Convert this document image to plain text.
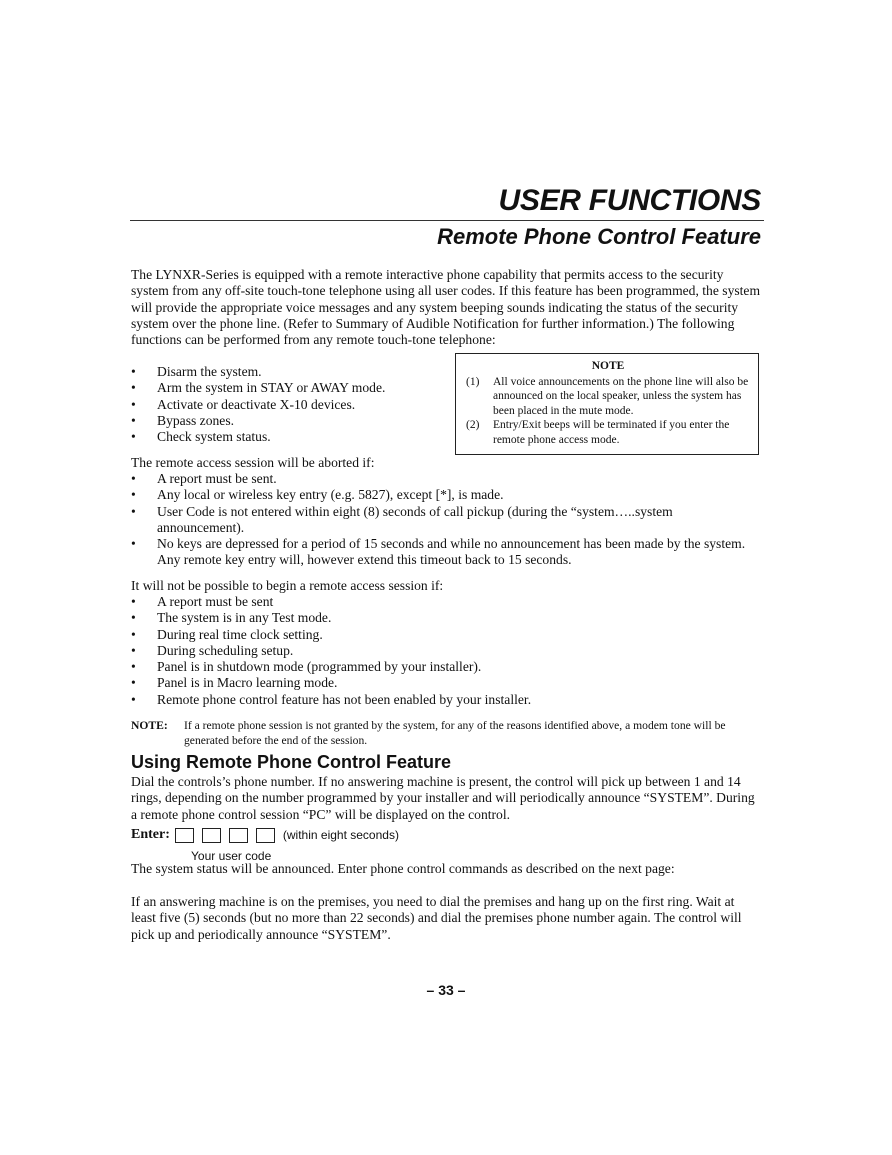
USER FUNCTIONS
Remote Phone Control Feature

The LYNXR-Series is equipped with a remote interactive phone capability that permits access to the security system from any off-site touch-tone telephone using all user codes. If this feature has been programmed, the system will provide the appropriate voice messages and any system beeping sounds indicating the status of the security system over the phone line. (Refer to Summary of Audible Notification for further information.) The following functions can be performed from any remote touch-tone telephone:

• Disarm the system.
• Arm the system in STAY or AWAY mode.
• Activate or deactivate X-10 devices.
• Bypass zones.
• Check system status.
NOTE
(1) All voice announcements on the phone line will also be announced on the local speaker, unless the system has been placed in the mute mode.
(2) Entry/Exit beeps will be terminated if you enter the remote phone access mode.
The remote access session will be aborted if:
• A report must be sent.
• Any local or wireless key entry (e.g. 5827), except [*], is made.
• User Code is not entered within eight (8) seconds of call pickup (during the “system…..system announcement).
• No keys are depressed for a period of 15 seconds and while no announcement has been made by the system. Any remote key entry will, however extend this timeout back to 15 seconds.
It will not be possible to begin a remote access session if:
• A report must be sent
• The system is in any Test mode.
• During real time clock setting.
• During scheduling setup.
• Panel is in shutdown mode (programmed by your installer).
• Panel is in Macro learning mode.
• Remote phone control feature has not been enabled by your installer.
NOTE: If a remote phone session is not granted by the system, for any of the reasons identified above, a modem tone will be generated before the end of the session.
Using Remote Phone Control Feature

Dial the controls’s phone number. If no answering machine is present, the control will pick up between 1 and 14 rings, depending on the number programmed by your installer and will periodically announce “SYSTEM”. During a remote phone control session “PC” will be displayed on the control.

Enter:	(within eight seconds)
Your user code

The system status will be announced. Enter phone control commands as described on the next page:

If an answering machine is on the premises, you need to dial the premises and hang up on the first ring. Wait at least five (5) seconds (but no more than 22 seconds) and dial the premises phone number again. The control will pick up and periodically announce “SYSTEM”.

– 33 –
